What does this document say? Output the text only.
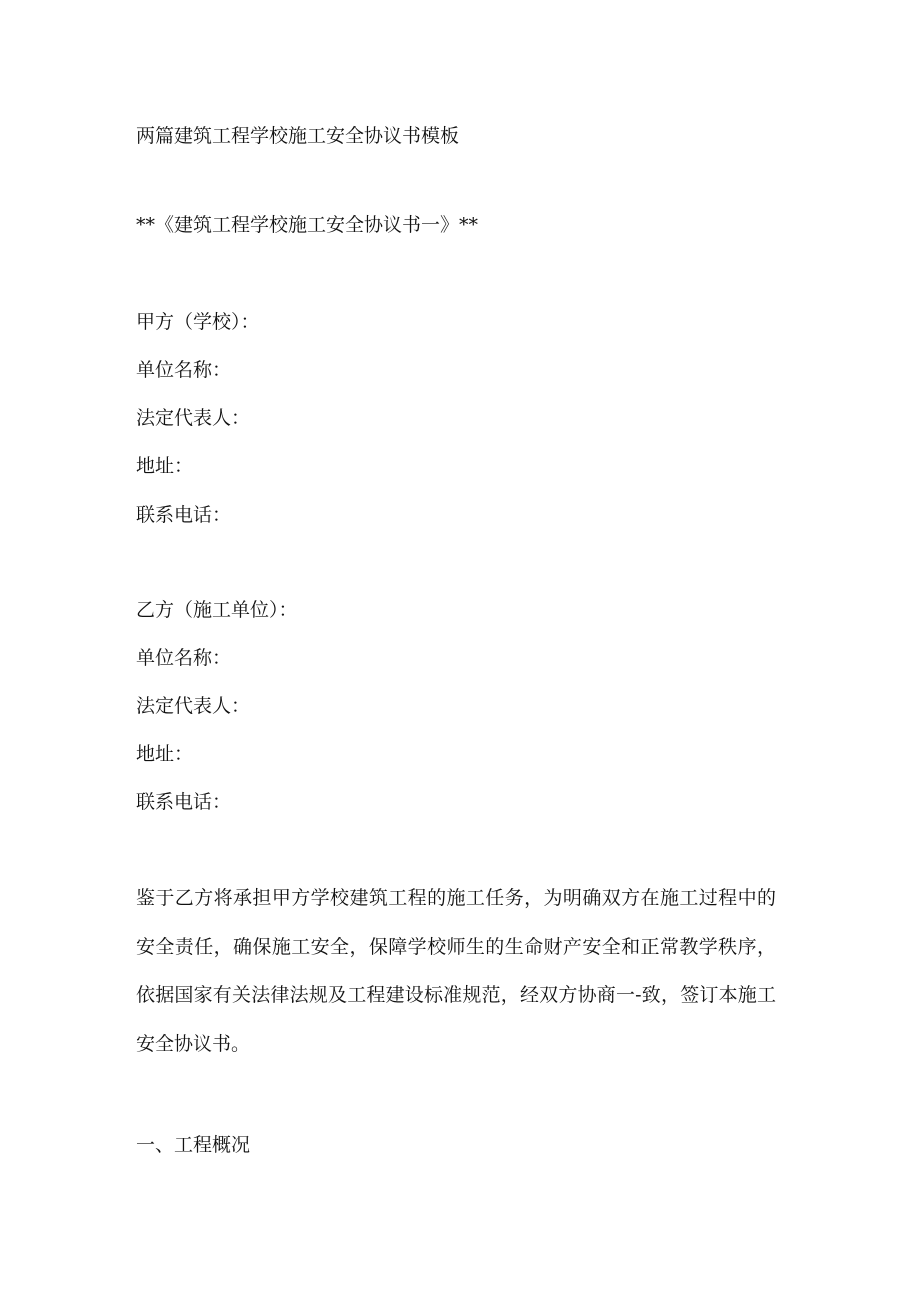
两篇建筑工程学校施工安全协议书模板
**《建筑工程学校施工安全协议书一》**
甲方（学校）：
单位名称：
法定代表人：
地址：
联系电话：
乙方（施工单位）：
单位名称：
法定代表人：
地址：
联系电话：
鉴于乙方将承担甲方学校建筑工程的施工任务，为明确双方在施工过程中的安全责任，确保施工安全，保障学校师生的生命财产安全和正常教学秩序，依据国家有关法律法规及工程建设标准规范，经双方协商一-致，签订本施工安全协议书。
一、工程概况
